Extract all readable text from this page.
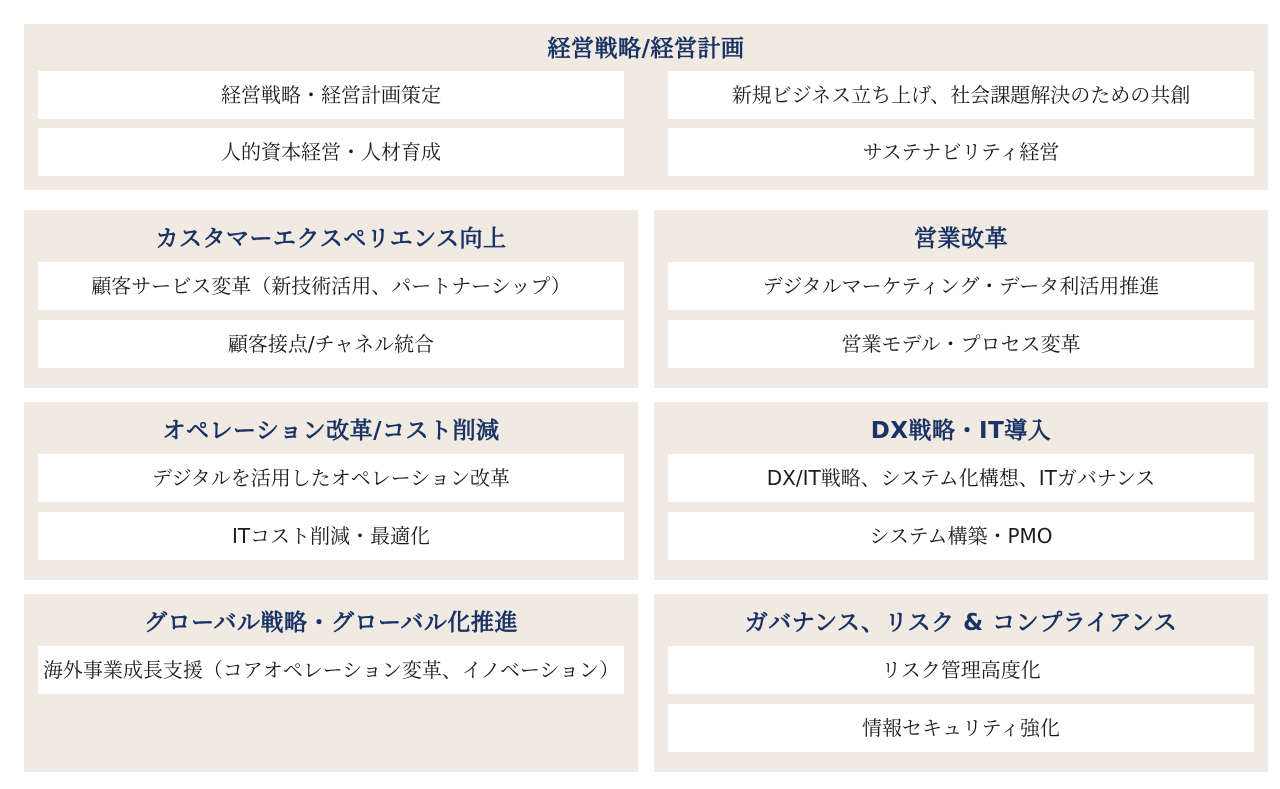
経営戦略/経営計画
経営戦略・経営計画策定	新規ビジネス立ち上げ、社会課題解決のための共創
人的資本経営・人材育成	サステナビリティ経営
カスタマーエクスペリエンス向上
顧客サービス変革（新技術活用、パートナーシップ）
顧客接点/チャネル統合
営業改革
デジタルマーケティング・データ利活用推進
営業モデル・プロセス変革
オペレーション改革/コスト削減
デジタルを活用したオペレーション改革
ITコスト削減・最適化
DX戦略・IT導入
DX/IT戦略、システム化構想、ITガバナンス
システム構築・PMO
グローバル戦略・グローバル化推進
海外事業成長支援（コアオペレーション変革、イノベーション）
ガバナンス、リスク & コンプライアンス
リスク管理高度化
情報セキュリティ強化
